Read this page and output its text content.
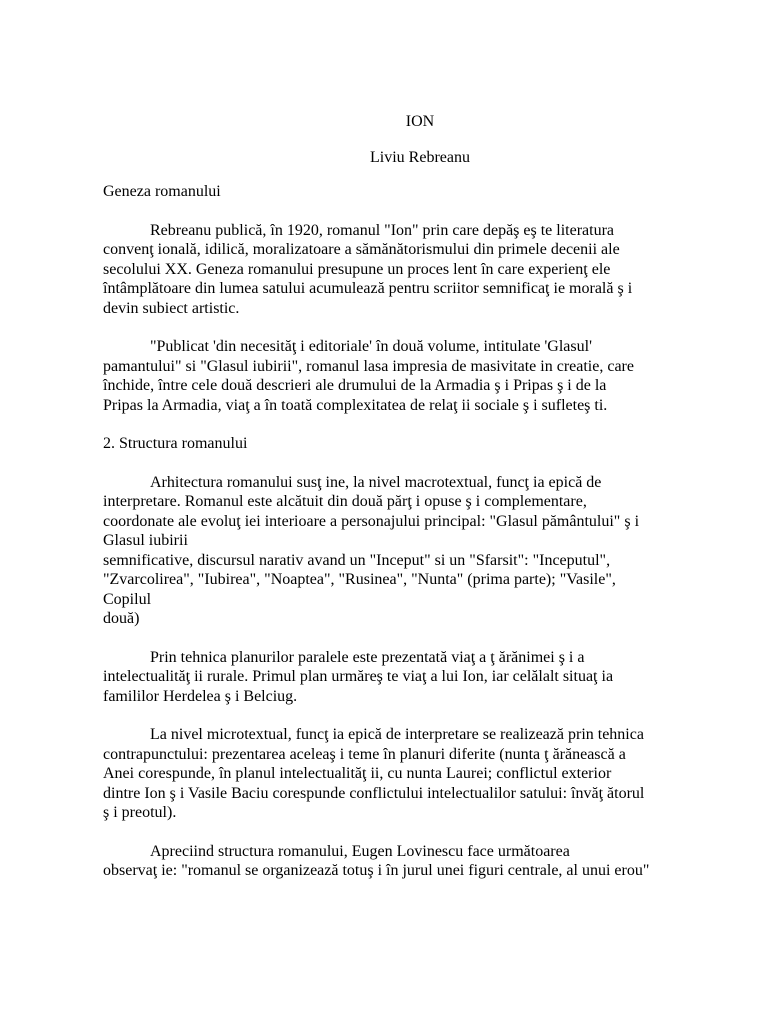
ION
Liviu Rebreanu
Geneza romanului
Rebreanu publică, în 1920, romanul "Ion" prin care depăş eş te literatura
convenţ ională, idilică, moralizatoare a sămănătorismului din primele decenii ale
secolului XX. Geneza romanului presupune un proces lent în care experienţ ele
întâmplătoare din lumea satului acumulează pentru scriitor semnificaţ ie morală ş i
devin subiect artistic.
"Publicat 'din necesităţ i editoriale' în două volume, intitulate 'Glasul'
pamantului" si "Glasul iubirii", romanul lasa impresia de masivitate in creatie, care
închide, între cele două descrieri ale drumului de la Armadia ş i Pripas ş i de la
Pripas la Armadia, viaţ a în toată complexitatea de relaţ ii sociale ş i sufleteş ti.
2. Structura romanului
Arhitectura romanului susţ ine, la nivel macrotextual, funcţ ia epică de
interpretare. Romanul este alcătuit din două părţ i opuse ş i complementare,
coordonate ale evoluţ iei interioare a personajului principal: "Glasul pământului" ş i
Glasul iubirii
semnificative, discursul narativ avand un "Inceput" si un "Sfarsit": "Inceputul",
"Zvarcolirea", "Iubirea", "Noaptea", "Rusinea", "Nunta" (prima parte); "Vasile",
Copilul
două)
Prin tehnica planurilor paralele este prezentată viaţ a ţ ărănimei ş i a
intelectualităţ ii rurale. Primul plan urmăreş te viaţ a lui Ion, iar celălalt situaţ ia
famililor Herdelea ş i Belciug.
La nivel microtextual, funcţ ia epică de interpretare se realizează prin tehnica
contrapunctului: prezentarea aceleaş i teme în planuri diferite (nunta ţ ărănească a
Anei corespunde, în planul intelectualităţ ii, cu nunta Laurei; conflictul exterior
dintre Ion ş i Vasile Baciu corespunde conflictului intelectualilor satului: învăţ ătorul
ş i preotul).
Apreciind structura romanului, Eugen Lovinescu face următoarea
observaţ ie: "romanul se organizează totuş i în jurul unei figuri centrale, al unui erou"
